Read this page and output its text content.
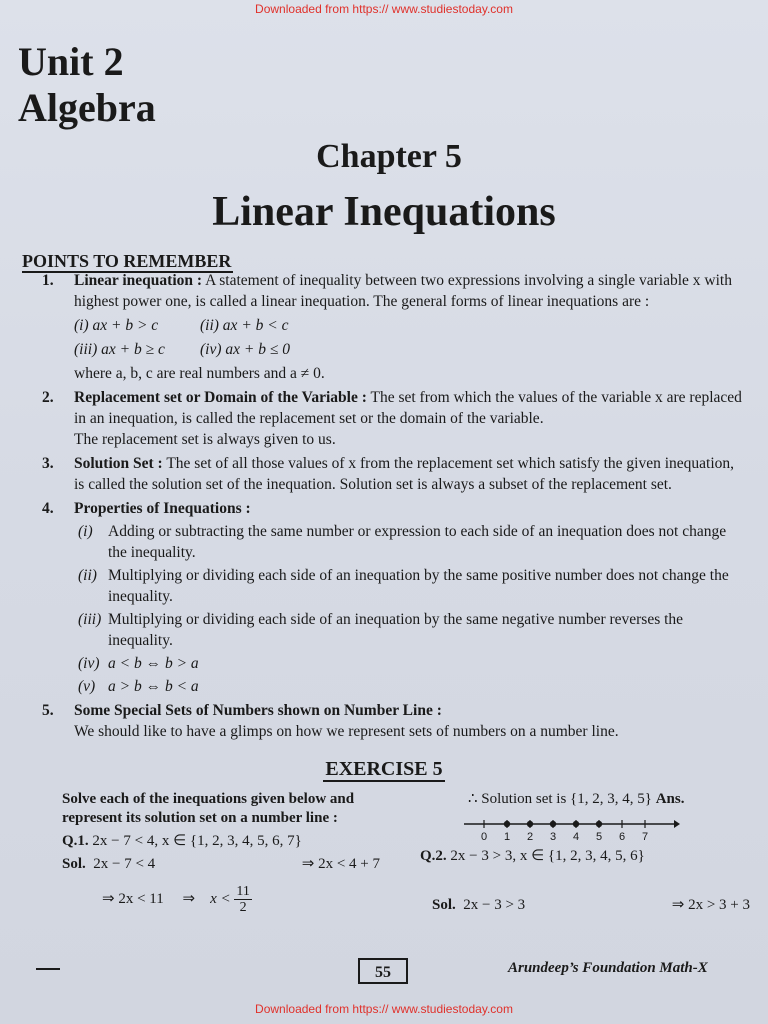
Downloaded from https:// www.studiestoday.com
Unit 2
Algebra
Chapter 5
Linear Inequations
POINTS TO REMEMBER
1. Linear inequation : A statement of inequality between two expressions involving a single variable x with highest power one, is called a linear inequation. The general forms of linear inequations are :
(i) ax + b > c	(ii) ax + b < c
(iii) ax + b ≥ c	(iv) ax + b ≤ 0
where a, b, c are real numbers and a ≠ 0.
2. Replacement set or Domain of the Variable : The set from which the values of the variable x are replaced in an inequation, is called the replacement set or the domain of the variable.
The replacement set is always given to us.
3. Solution Set : The set of all those values of x from the replacement set which satisfy the given inequation, is called the solution set of the inequation. Solution set is always a subset of the replacement set.
4. Properties of Inequations :
(i) Adding or subtracting the same number or expression to each side of an inequation does not change the inequality.
(ii) Multiplying or dividing each side of an inequation by the same positive number does not change the inequality.
(iii) Multiplying or dividing each side of an inequation by the same negative number reverses the inequality.
(iv) a < b ⇔ b > a
(v) a > b ⇔ b < a
5. Some Special Sets of Numbers shown on Number Line :
We should like to have a glimps on how we represent sets of numbers on a number line.
EXERCISE 5
Solve each of the inequations given below and represent its solution set on a number line :
Q.1. 2x − 7 < 4, x ∈ {1, 2, 3, 4, 5, 6, 7}
Sol. 2x − 7 < 4	⇒ 2x < 4 + 7
⇒ 2x < 11 ⇒ $x < \frac{11}{2}$
∴ Solution set is {1, 2, 3, 4, 5} Ans.
0 1 2 3 4 5 6 7
Q.2. 2x − 3 > 3, x ∈ {1, 2, 3, 4, 5, 6}
Sol. 2x − 3 > 3	⇒ 2x > 3 + 3
55	Arundeep’s Foundation Math-X
Downloaded from https:// www.studiestoday.com
